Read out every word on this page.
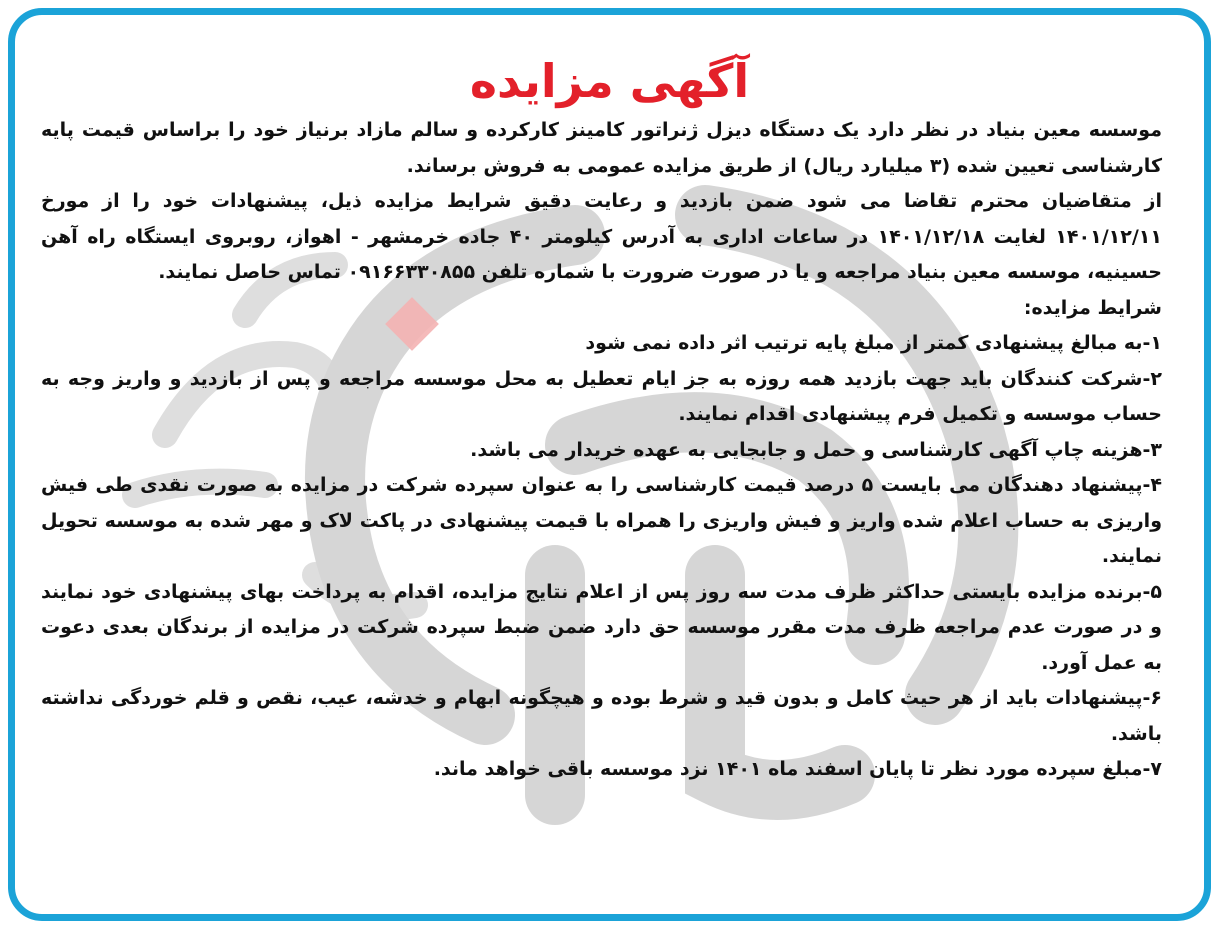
آگهی مزایده

موسسه معین بنیاد در نظر دارد یک دستگاه دیزل ژنراتور کامینز کارکرده و سالم مازاد برنیاز خود را براساس قیمت پایه کارشناسی تعیین شده (۳ میلیارد ریال) از طریق مزایده عمومی به فروش برساند.

از متقاضیان محترم تقاضا می شود ضمن بازدید و رعایت دقیق شرایط مزایده ذیل، پیشنهادات خود را از مورخ ۱۴۰۱/۱۲/۱۱ لغایت ۱۴۰۱/۱۲/۱۸ در ساعات اداری به آدرس کیلومتر ۴۰ جاده خرمشهر - اهواز، روبروی ایستگاه راه آهن حسینیه، موسسه معین بنیاد مراجعه و یا در صورت ضرورت با شماره تلفن ۰۹۱۶۶۳۳۰۸۵۵ تماس حاصل نمایند.

شرایط مزایده:

۱-به مبالغ پیشنهادی کمتر از مبلغ پایه ترتیب اثر داده نمی شود

۲-شرکت کنندگان باید جهت بازدید همه روزه به جز ایام تعطیل به محل موسسه مراجعه و پس از بازدید و واریز وجه به حساب موسسه و تکمیل فرم پیشنهادی اقدام نمایند.

۳-هزینه چاپ آگهی کارشناسی و حمل و جابجایی به عهده خریدار می باشد.

۴-پیشنهاد دهندگان می بایست ۵ درصد قیمت کارشناسی را به عنوان سپرده شرکت در مزایده به صورت نقدی طی فیش واریزی به حساب اعلام شده واریز و فیش واریزی را همراه با قیمت پیشنهادی در پاکت لاک و مهر شده به موسسه تحویل نمایند.

۵-برنده مزایده بایستی حداکثر ظرف مدت سه روز پس از اعلام نتایج مزایده، اقدام به پرداخت بهای پیشنهادی خود نمایند و در صورت عدم مراجعه ظرف مدت مقرر موسسه حق دارد ضمن ضبط سپرده شرکت در مزایده از برندگان بعدی دعوت به عمل آورد.

۶-پیشنهادات باید از هر حیث کامل و بدون قید و شرط بوده و هیچگونه ابهام و خدشه، عیب، نقص و قلم خوردگی نداشته باشد.

۷-مبلغ سپرده مورد نظر تا پایان اسفند ماه ۱۴۰۱ نزد موسسه باقی خواهد ماند.
